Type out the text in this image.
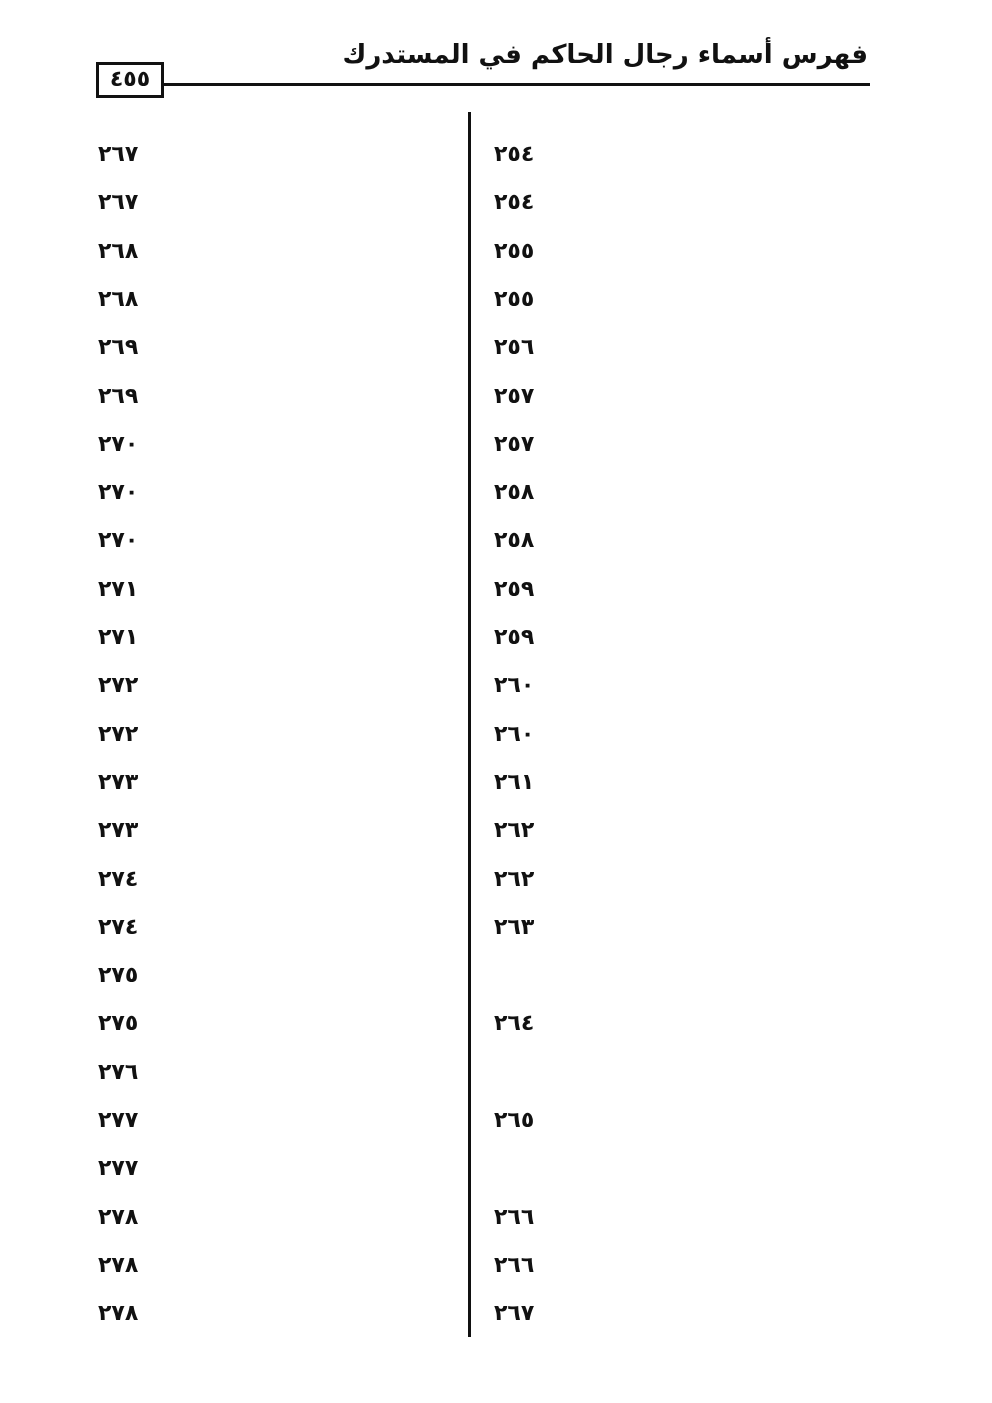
فهرس أسماء رجال الحاكم في المستدرك
٤٥٥
٢٥٤
٢٥٤
٢٥٥
٢٥٥
٢٥٦
٢٥٧
٢٥٧
٢٥٨
٢٥٨
٢٥٩
٢٥٩
٢٦٠
٢٦٠
٢٦١
٢٦٢
٢٦٢
٢٦٣
٢٦٤
٢٦٥
٢٦٦
٢٦٦
٢٦٧
٢٦٧
٢٦٧
٢٦٨
٢٦٨
٢٦٩
٢٦٩
٢٧٠
٢٧٠
٢٧٠
٢٧١
٢٧١
٢٧٢
٢٧٢
٢٧٣
٢٧٣
٢٧٤
٢٧٤
٢٧٥
٢٧٥
٢٧٦
٢٧٧
٢٧٧
٢٧٨
٢٧٨
٢٧٨
